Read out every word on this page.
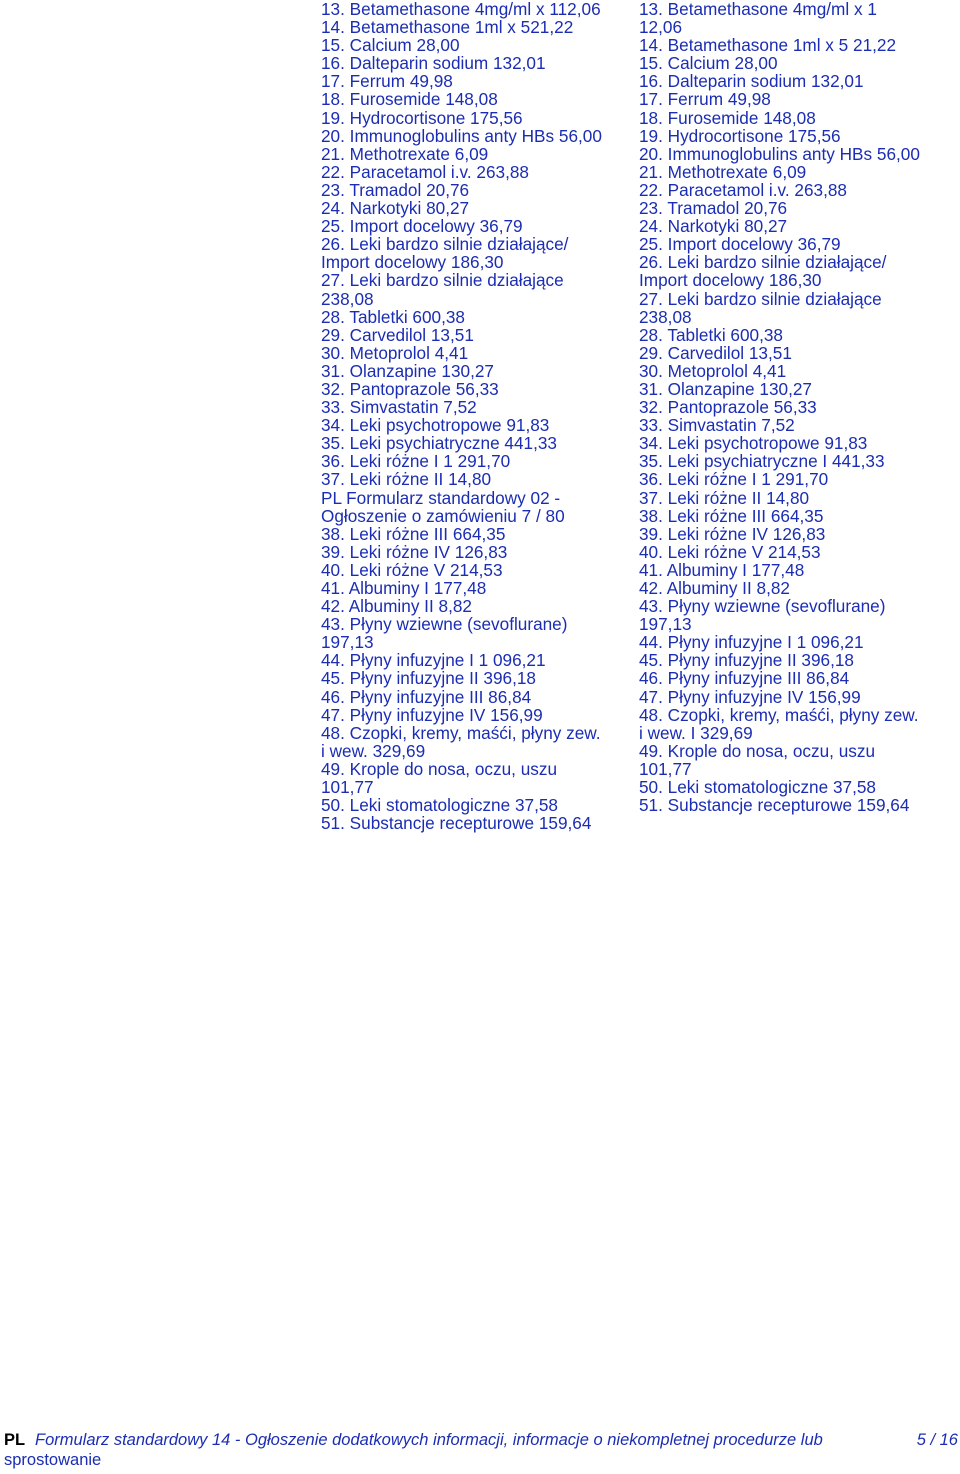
13. Betamethasone 4mg/ml x 112,06
14. Betamethasone 1ml x 521,22
15. Calcium 28,00
16. Dalteparin sodium 132,01
17. Ferrum 49,98
18. Furosemide 148,08
19. Hydrocortisone 175,56
20. Immunoglobulins anty HBs 56,00
21. Methotrexate 6,09
22. Paracetamol i.v. 263,88
23. Tramadol 20,76
24. Narkotyki 80,27
25. Import docelowy 36,79
26. Leki bardzo silnie działające/
Import docelowy 186,30
27. Leki bardzo silnie działające
238,08
28. Tabletki 600,38
29. Carvedilol 13,51
30. Metoprolol 4,41
31. Olanzapine 130,27
32. Pantoprazole 56,33
33. Simvastatin 7,52
34. Leki psychotropowe 91,83
35. Leki psychiatryczne 441,33
36. Leki różne I 1 291,70
37. Leki różne II 14,80
PL Formularz standardowy 02 -
Ogłoszenie o zamówieniu 7 / 80
38. Leki różne III 664,35
39. Leki różne IV 126,83
40. Leki różne V 214,53
41. Albuminy I 177,48
42. Albuminy II 8,82
43. Płyny wziewne (sevoflurane)
197,13
44. Płyny infuzyjne I 1 096,21
45. Płyny infuzyjne II 396,18
46. Płyny infuzyjne III 86,84
47. Płyny infuzyjne IV 156,99
48. Czopki, kremy, maśći, płyny zew.
i wew. 329,69
49. Krople do nosa, oczu, uszu
101,77
50. Leki stomatologiczne 37,58
51. Substancje recepturowe 159,64
13. Betamethasone 4mg/ml x 1
12,06
14. Betamethasone 1ml x 5 21,22
15. Calcium 28,00
16. Dalteparin sodium 132,01
17. Ferrum 49,98
18. Furosemide 148,08
19. Hydrocortisone 175,56
20. Immunoglobulins anty HBs 56,00
21. Methotrexate 6,09
22. Paracetamol i.v. 263,88
23. Tramadol 20,76
24. Narkotyki 80,27
25. Import docelowy 36,79
26. Leki bardzo silnie działające/
Import docelowy 186,30
27. Leki bardzo silnie działające
238,08
28. Tabletki 600,38
29. Carvedilol 13,51
30. Metoprolol 4,41
31. Olanzapine 130,27
32. Pantoprazole 56,33
33. Simvastatin 7,52
34. Leki psychotropowe 91,83
35. Leki psychiatryczne I 441,33
36. Leki różne I 1 291,70
37. Leki różne II 14,80
38. Leki różne III 664,35
39. Leki różne IV 126,83
40. Leki różne V 214,53
41. Albuminy I 177,48
42. Albuminy II 8,82
43. Płyny wziewne (sevoflurane)
197,13
44. Płyny infuzyjne I 1 096,21
45. Płyny infuzyjne II 396,18
46. Płyny infuzyjne III 86,84
47. Płyny infuzyjne IV 156,99
48. Czopki, kremy, maśći, płyny zew.
i wew. I 329,69
49. Krople do nosa, oczu, uszu
101,77
50. Leki stomatologiczne 37,58
51. Substancje recepturowe 159,64
Formularz standardowy 14 - Ogłoszenie dodatkowych informacji, informacje o niekompletnej procedurze lub
sprostowanie
PL	5 / 16
